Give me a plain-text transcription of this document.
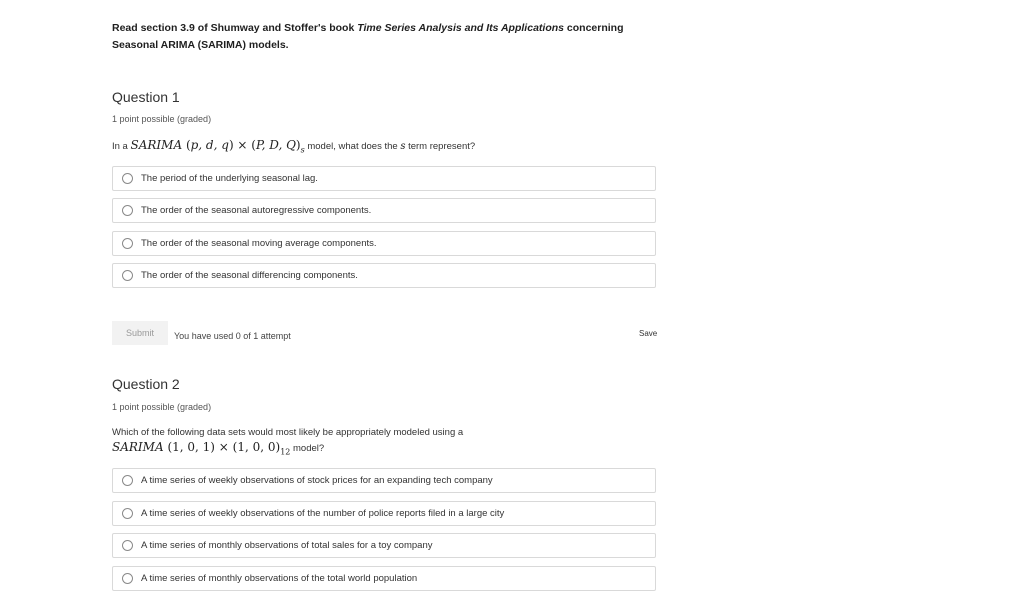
Read section 3.9 of Shumway and Stoffer's book Time Series Analysis and Its Applications concerning Seasonal ARIMA (SARIMA) models.
Question 1
1 point possible (graded)
In a SARIMA (p, d, q) × (P, D, $Q)_s$ model, what does the s term represent?
The period of the underlying seasonal lag.
The order of the seasonal autoregressive components.
The order of the seasonal moving average components.
The order of the seasonal differencing components.
Submit	You have used 0 of 1 attempt	Save
Question 2
1 point possible (graded)
Which of the following data sets would most likely be appropriately modeled using a
SARIMA (1, 0, 1) × (1, 0, $0)_{12}$ model?
A time series of weekly observations of stock prices for an expanding tech company
A time series of weekly observations of the number of police reports filed in a large city
A time series of monthly observations of total sales for a toy company
A time series of monthly observations of the total world population
